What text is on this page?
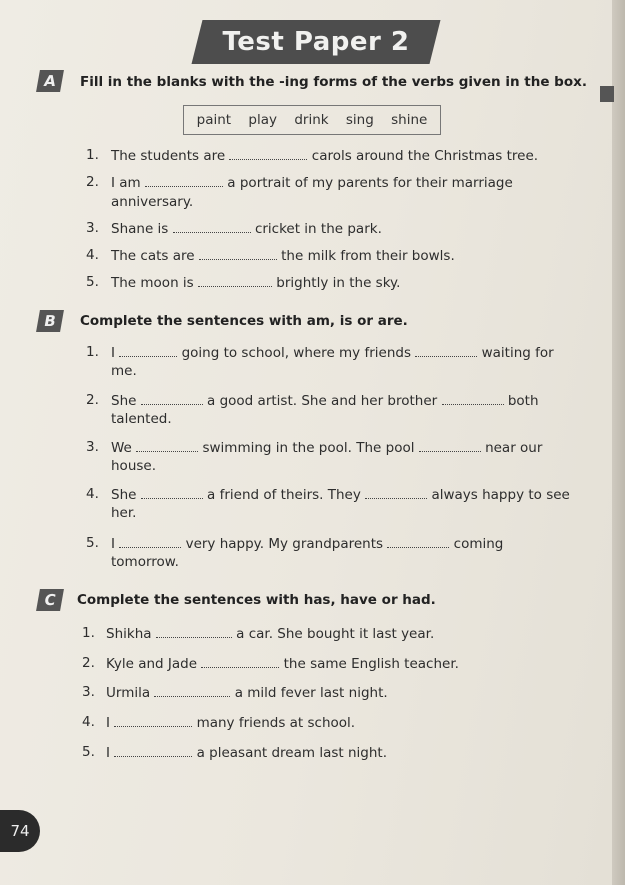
Test Paper 2
A	Fill in the blanks with the -ing forms of the verbs given in the box.
paint play drink sing shine
1. The students are	carols around the Christmas tree.
2. I am	a portrait of my parents for their marriage
anniversary.
3. Shane is	cricket in the park.
4. The cats are	the milk from their bowls.
5. The moon is	brightly in the sky.
B	Complete the sentences with am, is or are.
1. I	going to school, where my friends	waiting for
me.
2. She	a good artist. She and her brother	both
talented.
3. We	swimming in the pool. The pool	near our
house.
4. She	a friend of theirs. They	always happy to see
her.
5. I	very happy. My grandparents	coming
tomorrow.
C	Complete the sentences with has, have or had.
1. Shikha	a car. She bought it last year.
2. Kyle and Jade	the same English teacher.
3. Urmila	a mild fever last night.
4. I	many friends at school.
5. I	a pleasant dream last night.
74
